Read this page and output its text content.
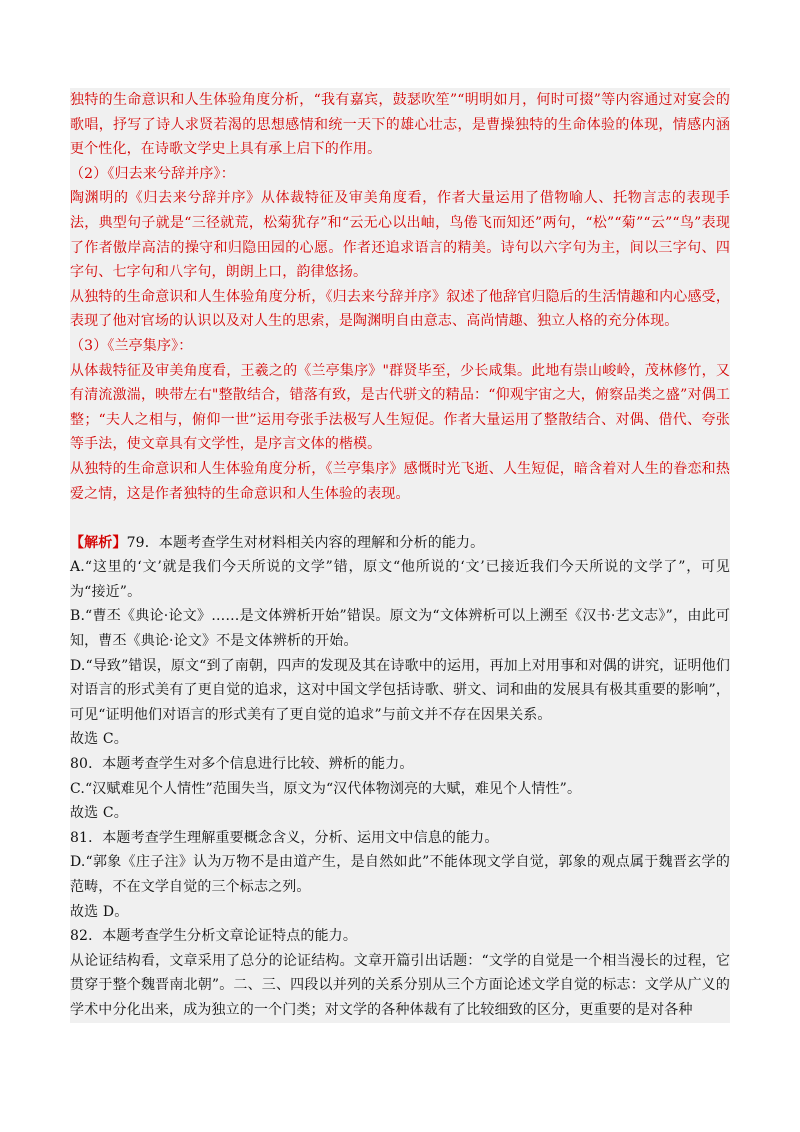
独特的生命意识和人生体验角度分析，“我有嘉宾，鼓瑟吹笙”“明明如月，何时可掇”等内容通过对宴会的歌唱，抒写了诗人求贤若渴的思想感情和统一天下的雄心壮志，是曹操独特的生命体验的体现，情感内涵更个性化，在诗歌文学史上具有承上启下的作用。

（2）《归去来兮辞并序》：

陶渊明的《归去来兮辞并序》从体裁特征及审美角度看，作者大量运用了借物喻人、托物言志的表现手法，典型句子就是“三径就荒，松菊犹存”和“云无心以出岫，鸟倦飞而知还”两句，“松”“菊”“云”“鸟”表现了作者傲岸高洁的操守和归隐田园的心愿。作者还追求语言的精美。诗句以六字句为主，间以三字句、四字句、七字句和八字句，朗朗上口，韵律悠扬。

从独特的生命意识和人生体验角度分析，《归去来兮辞并序》叙述了他辞官归隐后的生活情趣和内心感受，表现了他对官场的认识以及对人生的思索，是陶渊明自由意志、高尚情趣、独立人格的充分体现。

（3）《兰亭集序》：

从体裁特征及审美角度看，王羲之的《兰亭集序》"群贤毕至，少长咸集。此地有崇山峻岭，茂林修竹，又有清流激湍，映带左右"整散结合，错落有致，是古代骈文的精品：“仰观宇宙之大，俯察品类之盛”对偶工整；“夫人之相与，俯仰一世”运用夸张手法极写人生短促。作者大量运用了整散结合、对偶、借代、夸张等手法，使文章具有文学性，是序言文体的楷模。

从独特的生命意识和人生体验角度分析，《兰亭集序》感慨时光飞逝、人生短促，暗含着对人生的眷恋和热爱之情，这是作者独特的生命意识和人生体验的表现。

【解析】79．本题考查学生对材料相关内容的理解和分析的能力。

A.“这里的‘文’就是我们今天所说的文学”错，原文“他所说的‘文’已接近我们今天所说的文学了”，可见为“接近”。

B.“曹丕《典论·论文》……是文体辨析开始”错误。原文为“文体辨析可以上溯至《汉书·艺文志》”，由此可知，曹丕《典论·论文》不是文体辨析的开始。

D.“导致”错误，原文“到了南朝，四声的发现及其在诗歌中的运用，再加上对用事和对偶的讲究，证明他们对语言的形式美有了更自觉的追求，这对中国文学包括诗歌、骈文、词和曲的发展具有极其重要的影响”，可见“证明他们对语言的形式美有了更自觉的追求”与前文并不存在因果关系。

故选 C。

80．本题考查学生对多个信息进行比较、辨析的能力。

C.“汉赋难见个人情性”范围失当，原文为“汉代体物浏亮的大赋，难见个人情性”。

故选 C。

81．本题考查学生理解重要概念含义，分析、运用文中信息的能力。

D.“郭象《庄子注》认为万物不是由道产生，是自然如此”不能体现文学自觉，郭象的观点属于魏晋玄学的范畴，不在文学自觉的三个标志之列。

故选 D。

82．本题考查学生分析文章论证特点的能力。

从论证结构看，文章采用了总分的论证结构。文章开篇引出话题：“文学的自觉是一个相当漫长的过程，它贯穿于整个魏晋南北朝”。二、三、四段以并列的关系分别从三个方面论述文学自觉的标志：文学从广义的学术中分化出来，成为独立的一个门类；对文学的各种体裁有了比较细致的区分，更重要的是对各种
